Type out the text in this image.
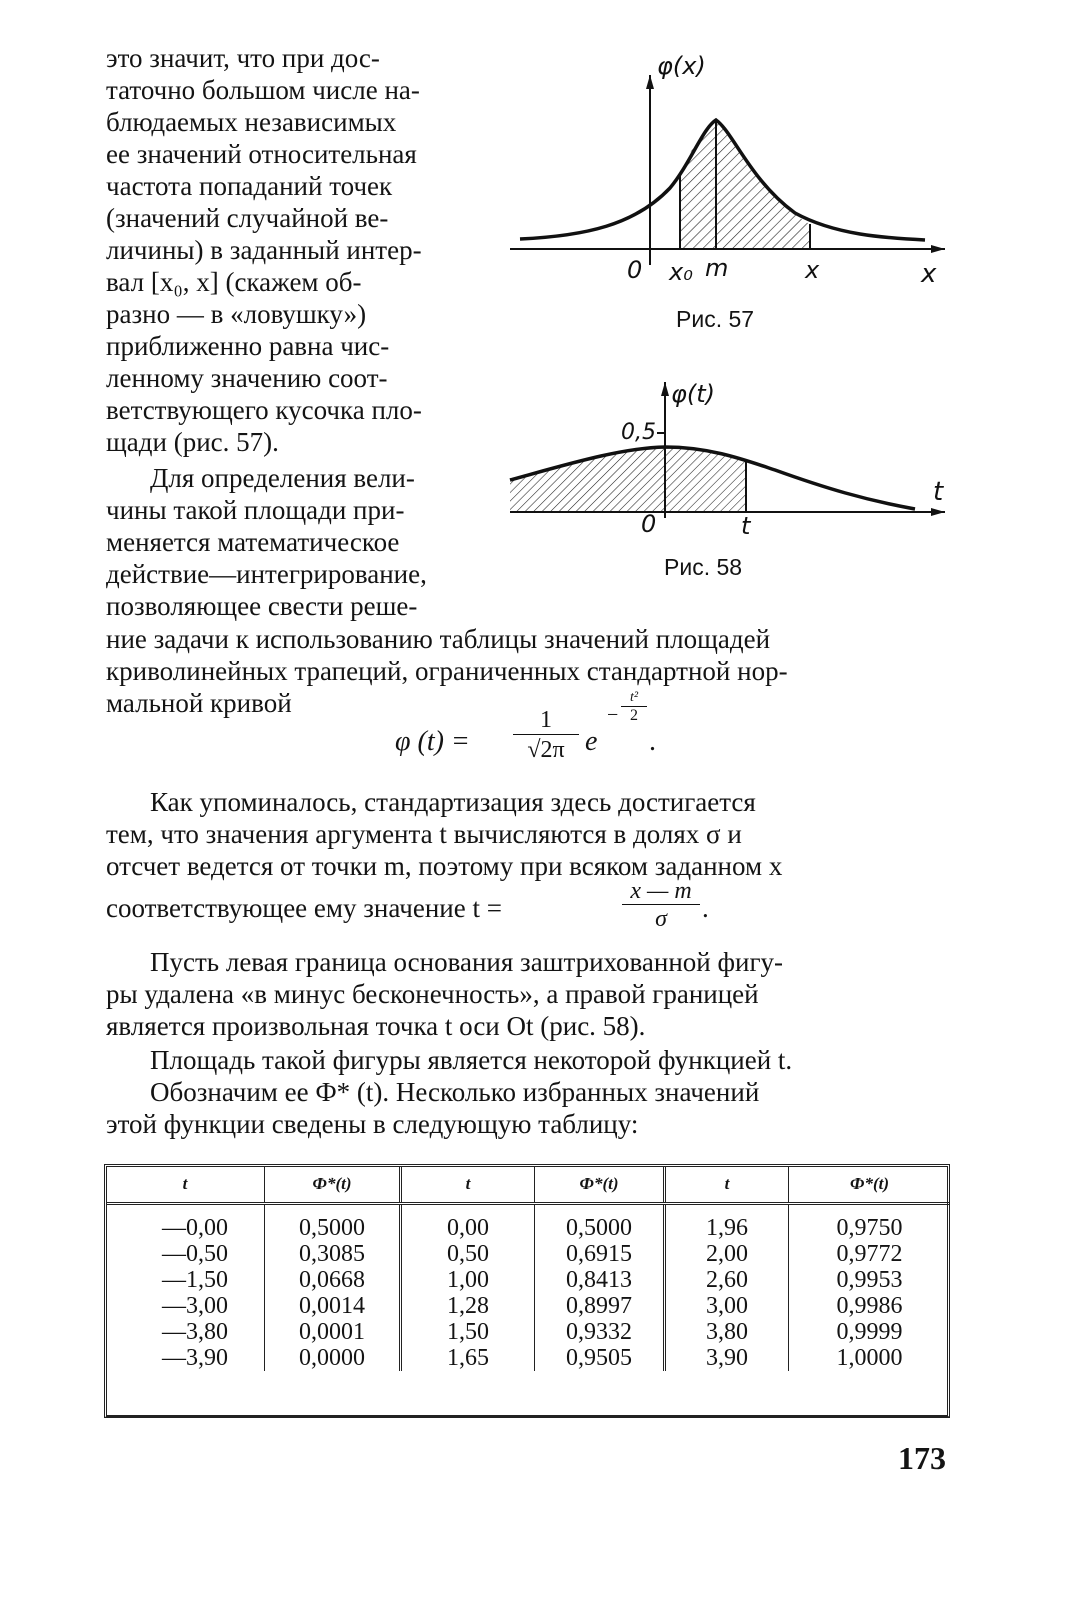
это значит, что при дос-
таточно большом числе на-
блюдаемых независимых
ее значений относительная
частота попаданий точек
(значений случайной ве-
личины) в заданный интер-
вал [x₀, x] (скажем об-
разно — в «ловушку»)
приближенно равна чис-
ленному значению соот-
ветствующего кусочка пло-
щади (рис. 57).
Для определения вели-
чины такой площади при-
меняется математическое
действие—интегрирование,
позволяющее свести реше-
φ(x)
0 x₀ m	x	x
Рис. 57
φ(t)
0,5
0	t
t
Рис. 58
ние задачи к использованию таблицы значений площадей
криволинейных трапеций, ограниченных стандартной нор-
мальной кривой
φ (t) =
1
√2π e
−
t²
2
.
Как упоминалось, стандартизация здесь достигается
тем, что значения аргумента t вычисляются в долях σ и
отсчет ведется от точки m, поэтому при всяком заданном x
соответствующее ему значение t =
x — m
σ	.
Пусть левая граница основания заштрихованной фигу-
ры удалена «в минус бесконечность», а правой границей
является произвольная точка t оси Ot (рис. 58).
Площадь такой фигуры является некоторой функцией t.
Обозначим ее Ф* (t). Несколько избранных значений
этой функции сведены в следующую таблицу:
t	Ф*(t)	t	Ф*(t)	t	Ф*(t)
—0,00	0,5000	0,00	0,5000	1,96	0,9750
—0,50	0,3085	0,50	0,6915	2,00	0,9772
—1,50	0,0668	1,00	0,8413	2,60	0,9953
—3,00	0,0014	1,28	0,8997	3,00	0,9986
—3,80	0,0001	1,50	0,9332	3,80	0,9999
—3,90	0,0000	1,65	0,9505	3,90	1,0000
173
